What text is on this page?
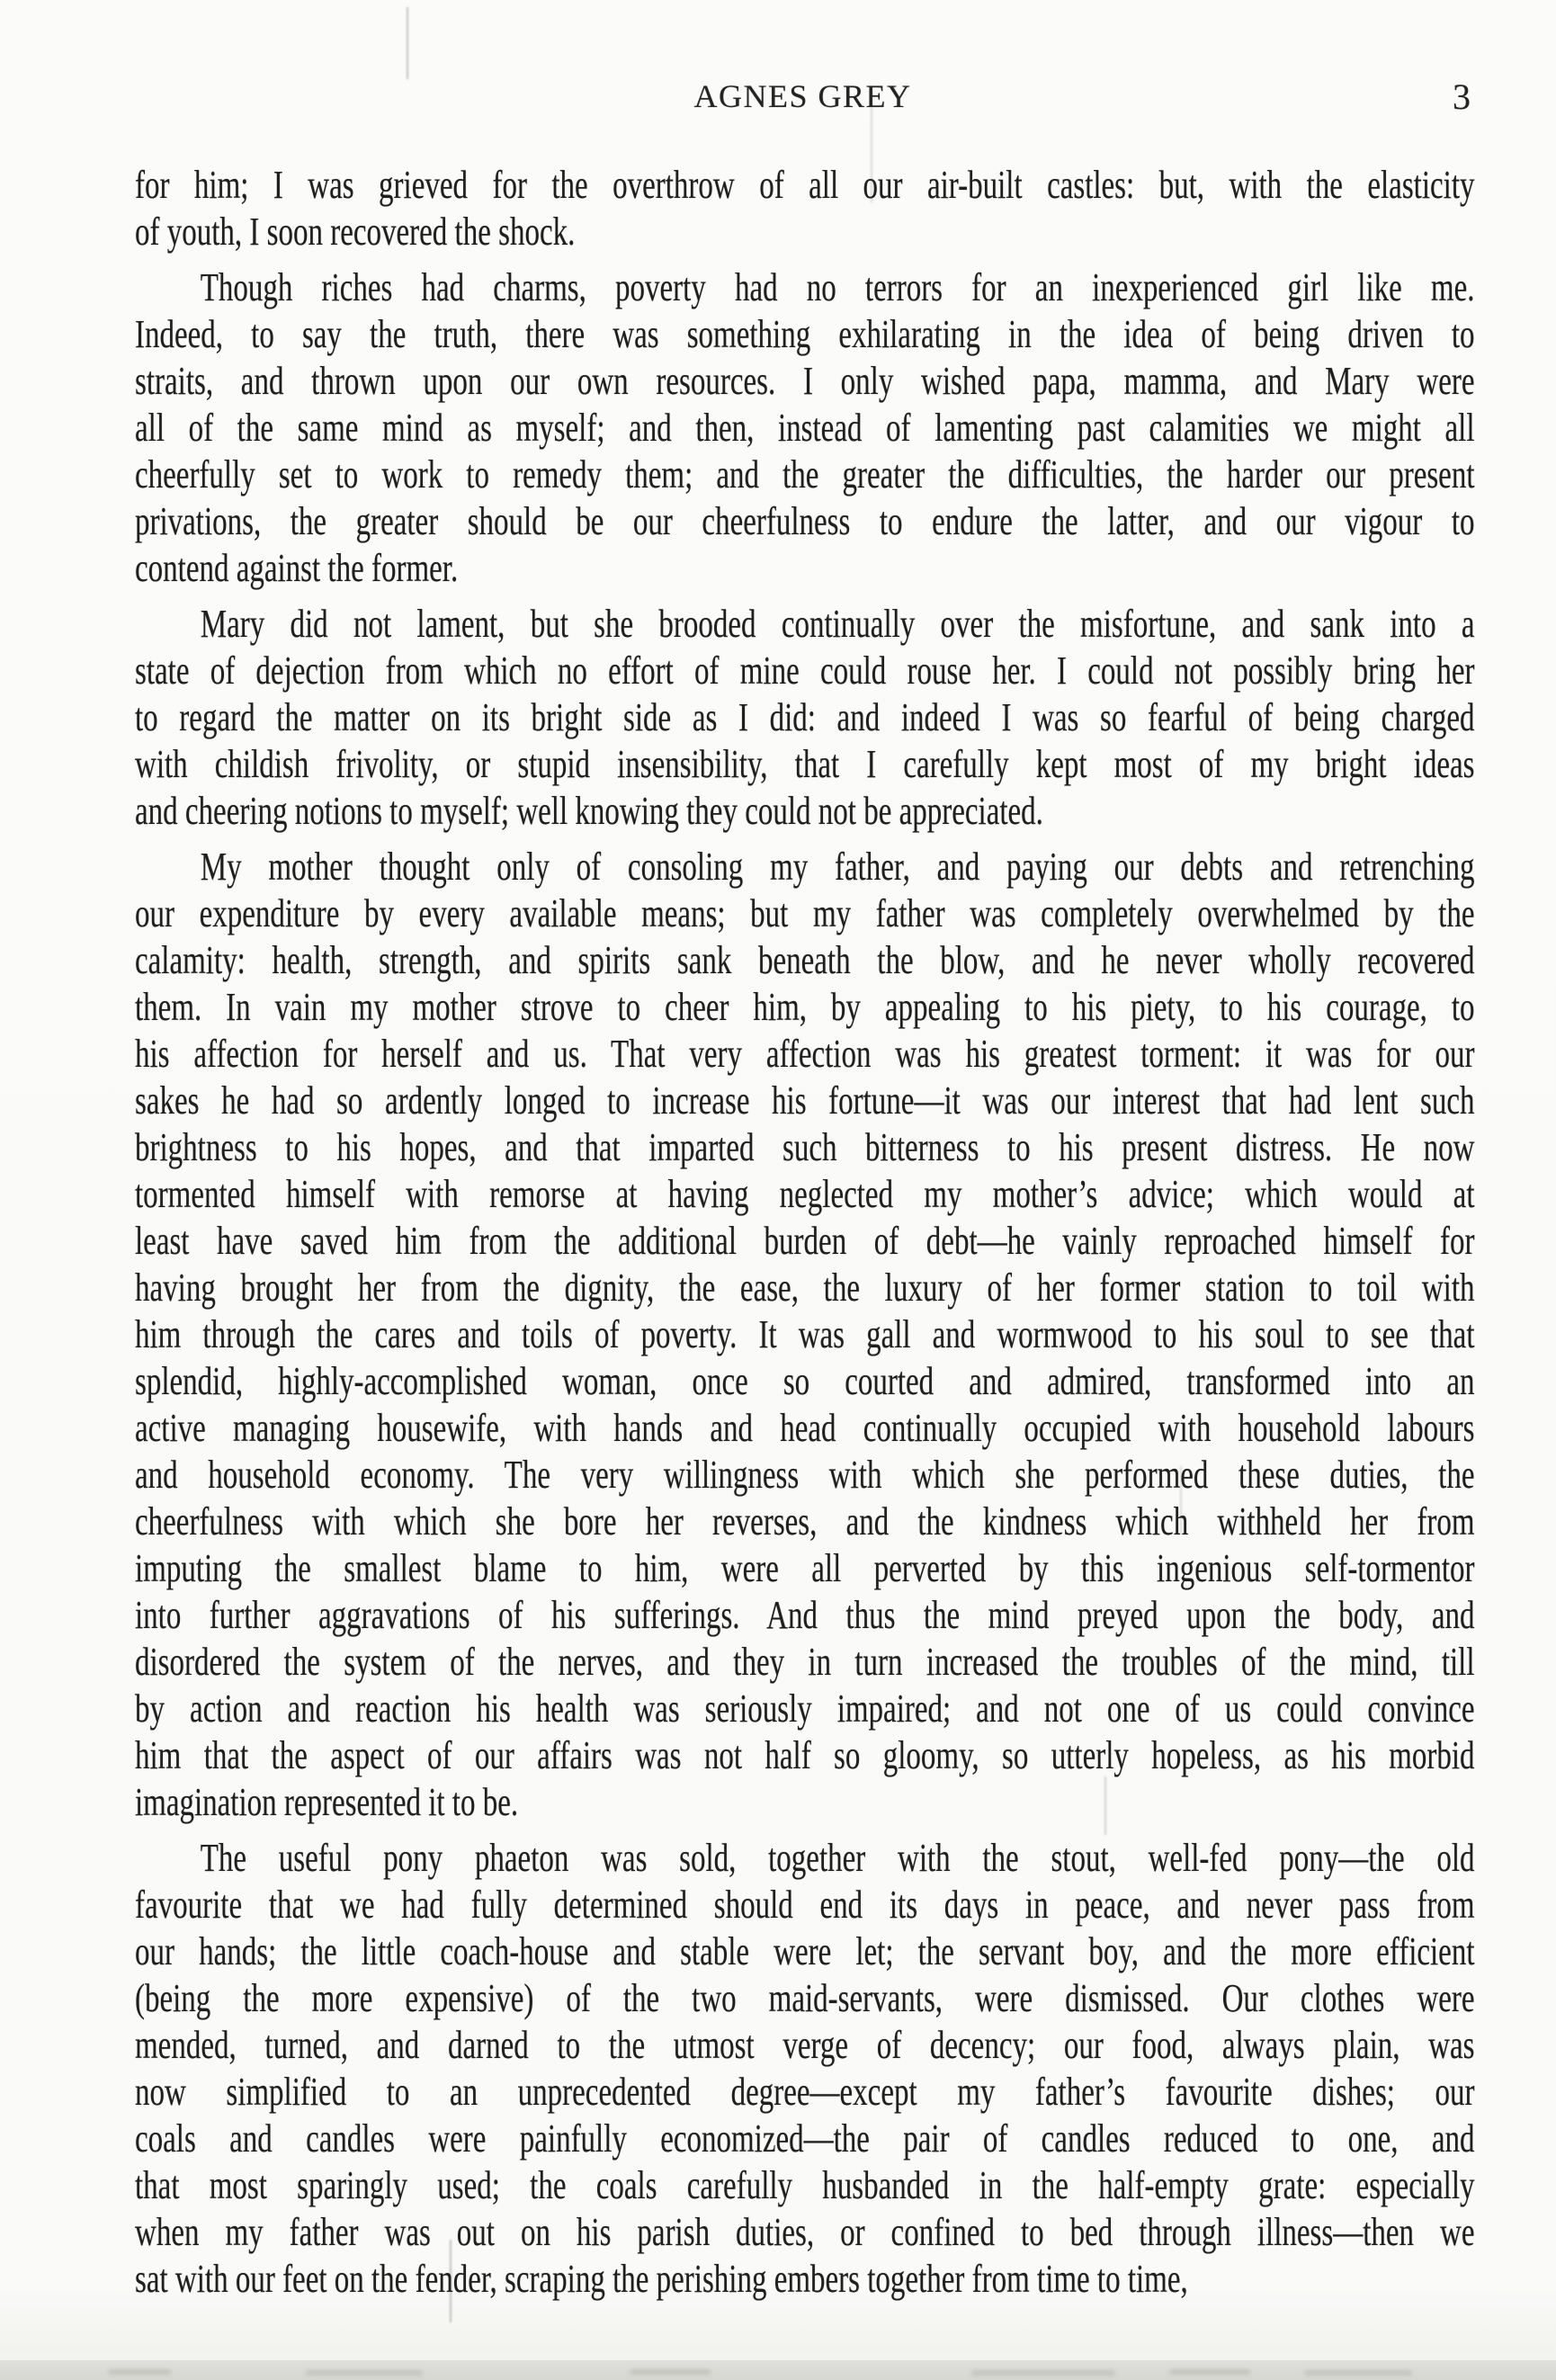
AGNES GREY	3
for him; I was grieved for the overthrow of all our air-built castles: but, with the elasticity
of youth, I soon recovered the shock.
Though riches had charms, poverty had no terrors for an inexperienced girl like me.
Indeed, to say the truth, there was something exhilarating in the idea of being driven to
straits, and thrown upon our own resources. I only wished papa, mamma, and Mary were
all of the same mind as myself; and then, instead of lamenting past calamities we might all
cheerfully set to work to remedy them; and the greater the difficulties, the harder our present
privations, the greater should be our cheerfulness to endure the latter, and our vigour to
contend against the former.
Mary did not lament, but she brooded continually over the misfortune, and sank into a
state of dejection from which no effort of mine could rouse her. I could not possibly bring her
to regard the matter on its bright side as I did: and indeed I was so fearful of being charged
with childish frivolity, or stupid insensibility, that I carefully kept most of my bright ideas
and cheering notions to myself; well knowing they could not be appreciated.
My mother thought only of consoling my father, and paying our debts and retrenching
our expenditure by every available means; but my father was completely overwhelmed by the
calamity: health, strength, and spirits sank beneath the blow, and he never wholly recovered
them. In vain my mother strove to cheer him, by appealing to his piety, to his courage, to
his affection for herself and us. That very affection was his greatest torment: it was for our
sakes he had so ardently longed to increase his fortune—it was our interest that had lent such
brightness to his hopes, and that imparted such bitterness to his present distress. He now
tormented himself with remorse at having neglected my mother’s advice; which would at
least have saved him from the additional burden of debt—he vainly reproached himself for
having brought her from the dignity, the ease, the luxury of her former station to toil with
him through the cares and toils of poverty. It was gall and wormwood to his soul to see that
splendid, highly-accomplished woman, once so courted and admired, transformed into an
active managing housewife, with hands and head continually occupied with household labours
and household economy. The very willingness with which she performed these duties, the
cheerfulness with which she bore her reverses, and the kindness which withheld her from
imputing the smallest blame to him, were all perverted by this ingenious self-tormentor
into further aggravations of his sufferings. And thus the mind preyed upon the body, and
disordered the system of the nerves, and they in turn increased the troubles of the mind, till
by action and reaction his health was seriously impaired; and not one of us could convince
him that the aspect of our affairs was not half so gloomy, so utterly hopeless, as his morbid
imagination represented it to be.
The useful pony phaeton was sold, together with the stout, well-fed pony—the old
favourite that we had fully determined should end its days in peace, and never pass from
our hands; the little coach-house and stable were let; the servant boy, and the more efficient
(being the more expensive) of the two maid-servants, were dismissed. Our clothes were
mended, turned, and darned to the utmost verge of decency; our food, always plain, was
now simplified to an unprecedented degree—except my father’s favourite dishes; our
coals and candles were painfully economized—the pair of candles reduced to one, and
that most sparingly used; the coals carefully husbanded in the half-empty grate: especially
when my father was out on his parish duties, or confined to bed through illness—then we
sat with our feet on the fender, scraping the perishing embers together from time to time,
